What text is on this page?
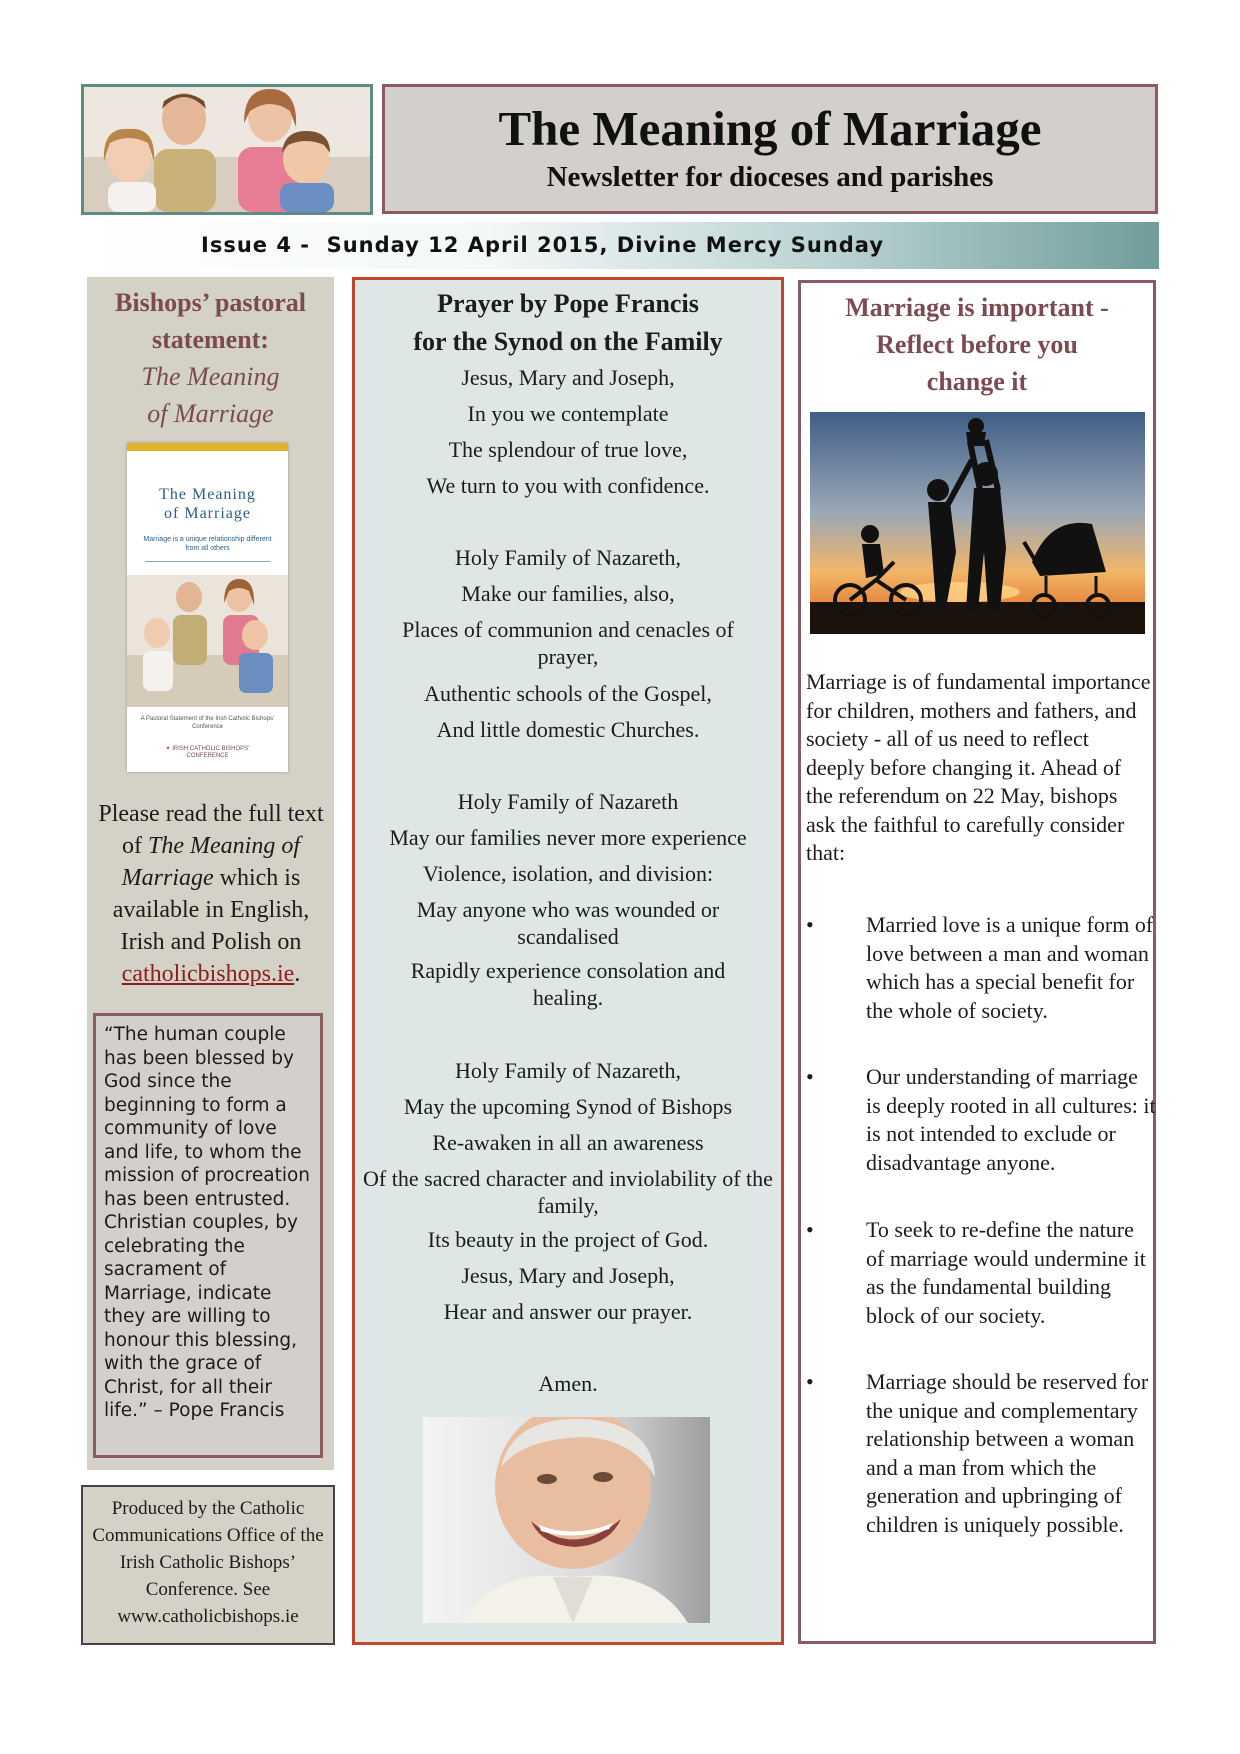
The Meaning of Marriage
Newsletter for dioceses and parishes
Issue 4 -  Sunday 12 April 2015, Divine Mercy Sunday
Bishops’ pastoral
statement:
The Meaning
of Marriage
The Meaning
of Marriage
Marriage is a unique relationship different from all others
A Pastoral Statement of the Irish Catholic Bishops’ Conference
✦ IRISH CATHOLIC BISHOPS’ CONFERENCE
Please read the full text of The Meaning of Marriage which is available in English, Irish and Polish on catholicbishops.ie.
“The human couple has been blessed by God since the beginning to form a community of love and life, to whom the mission of procreation has been entrusted. Christian couples, by celebrating the sacrament of Marriage, indicate they are willing to honour this blessing, with the grace of Christ, for all their life.” – Pope Francis
Produced by the Catholic Communications Office of the Irish Catholic Bishops’ Conference. See www.catholicbishops.ie
Prayer by Pope Francis
for the Synod on the Family
Jesus, Mary and Joseph,
In you we contemplate
The splendour of true love,
We turn to you with confidence.
Holy Family of Nazareth,
Make our families, also,
Places of communion and cenacles of prayer,
Authentic schools of the Gospel,
And little domestic Churches.
Holy Family of Nazareth
May our families never more experience
Violence, isolation, and division:
May anyone who was wounded or scandalised
Rapidly experience consolation and healing.
Holy Family of Nazareth,
May the upcoming Synod of Bishops
Re-awaken in all an awareness
Of the sacred character and inviolability of the family,
Its beauty in the project of God.
Jesus, Mary and Joseph,
Hear and answer our prayer.
Amen.
Marriage is important -
Reflect before you
change it
Marriage is of fundamental importance for children, mothers and fathers, and society - all of us need to reflect deeply before changing it. Ahead of the referendum on 22 May, bishops ask the faithful to carefully consider that:
•	Married love is a unique form of love between a man and woman which has a special benefit for the whole of society.
•	Our understanding of marriage is deeply rooted in all cultures: it is not intended to exclude or disadvantage anyone.
•	To seek to re-define the nature of marriage would undermine it as the fundamental building block of our society.
•	Marriage should be reserved for the unique and complementary relationship between a woman and a man from which the generation and upbringing of children is uniquely possible.
